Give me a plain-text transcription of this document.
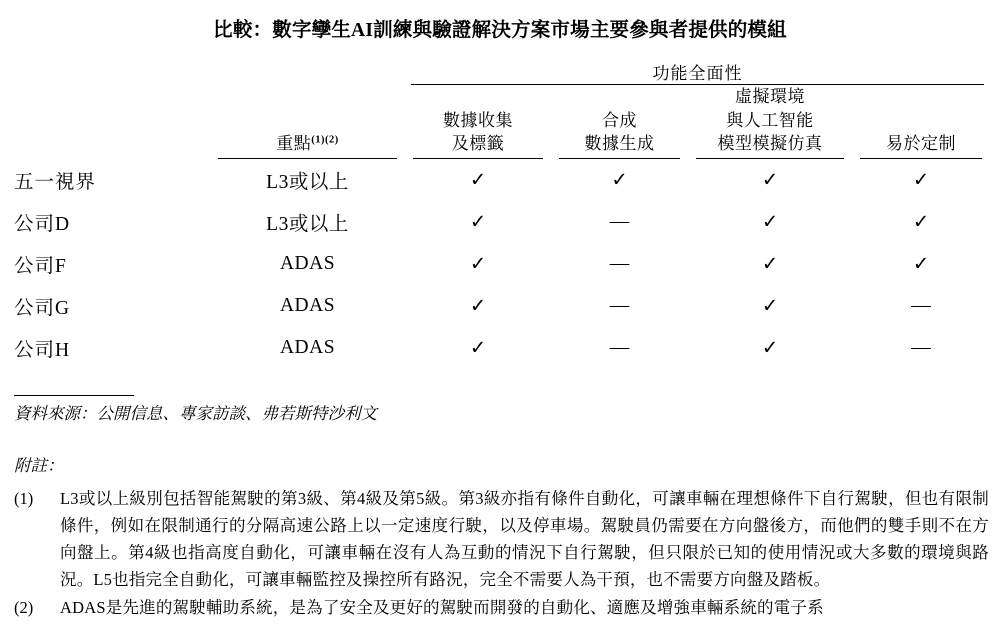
比較：數字孿生AI訓練與驗證解決方案市場主要參與者提供的模組
		功能全面性			

	重點$^{(1)(2)}$	
數據收集
及標籤

合成
數據生成

虛擬環境
與人工智能
模型模擬仿真	易於定制

五一視界	L3或以上	✓	✓	✓	✓
公司D	L3或以上	✓	—	✓	✓
公司F	ADAS	✓	—	✓	✓
公司G	ADAS	✓	—	✓	—
公司H	ADAS	✓	—	✓	—
資料來源：公開信息、專家訪談、弗若斯特沙利文
附註：
(1)	L3或以上級別包括智能駕駛的第3級、第4級及第5級。第3級亦指有條件自動化，可讓車輛在理想條件下自行駕駛，但也有限制條件，例如在限制通行的分隔高速公路上以一定速度行駛，以及停車場。駕駛員仍需要在方向盤後方，而他們的雙手則不在方向盤上。第4級也指高度自動化，可讓車輛在沒有人為互動的情況下自行駕駛，但只限於已知的使用情況或大多數的環境與路況。L5也指完全自動化，可讓車輛監控及操控所有路況，完全不需要人為干預，也不需要方向盤及踏板。
(2)	ADAS是先進的駕駛輔助系統，是為了安全及更好的駕駛而開發的自動化、適應及增強車輛系統的電子系
